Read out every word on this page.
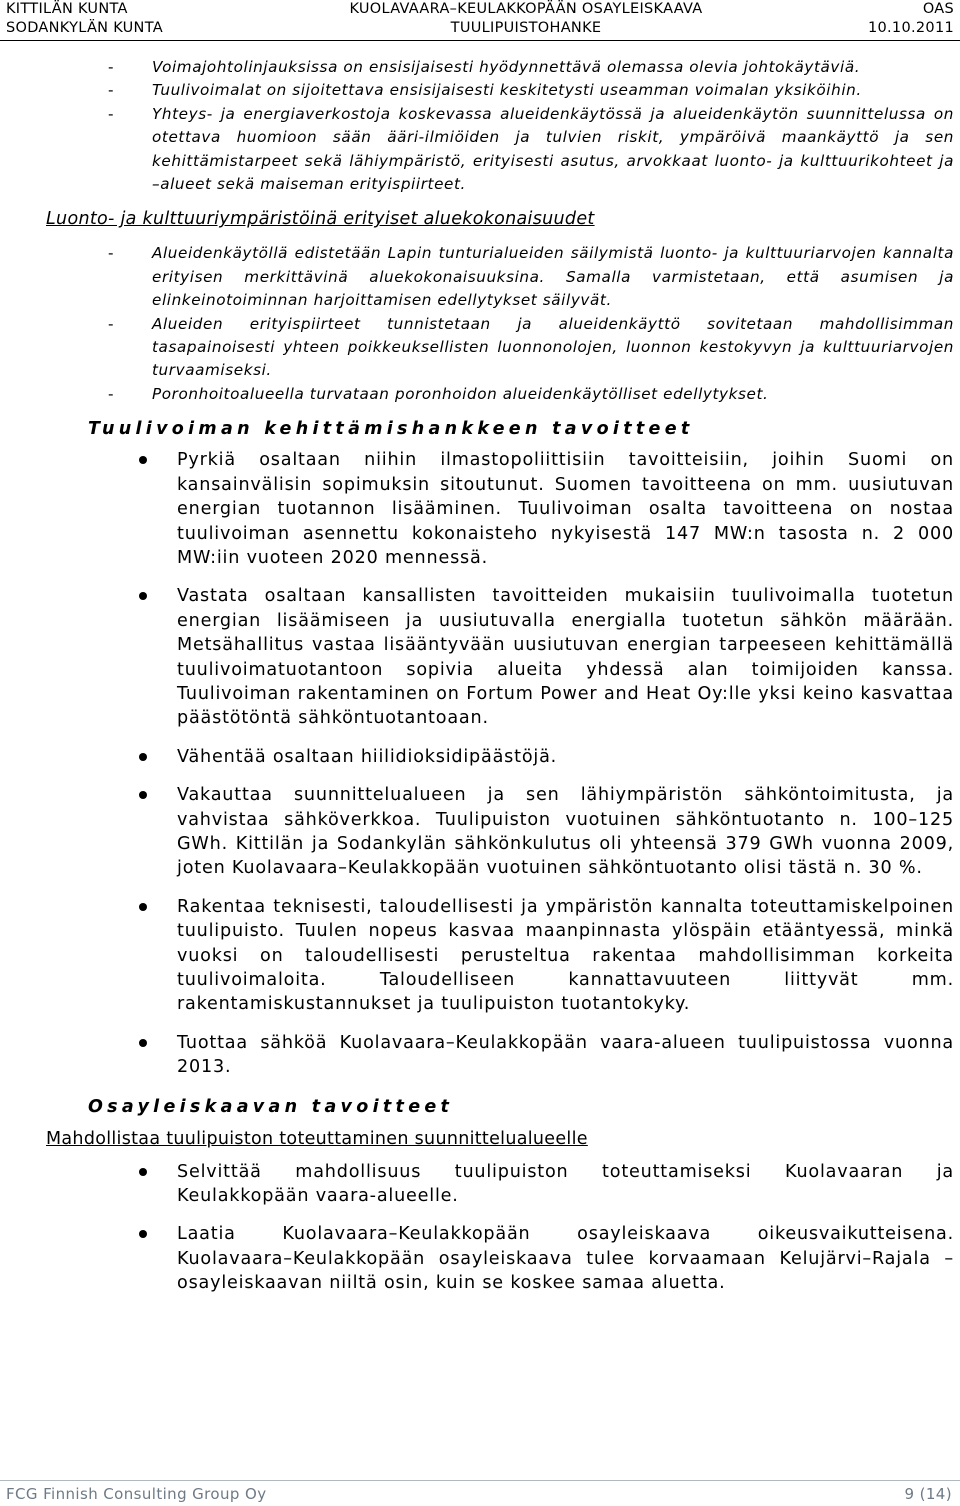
KITTILÄN KUNTA
SODANKYLÄN KUNTA
KUOLAVAARA–KEULAKKOPÄÄN OSAYLEISKAAVA
TUULIPUISTOHANKE
OAS
10.10.2011
- Voimajohtolinjauksissa on ensisijaisesti hyödynnettävä olemassa olevia johtokäytäviä.
- Tuulivoimalat on sijoitettava ensisijaisesti keskitetysti useamman voimalan yksiköihin.
- Yhteys- ja energiaverkostoja koskevassa alueidenkäytössä ja alueidenkäytön suunnittelussa on otettava huomioon sään ääri-ilmiöiden ja tulvien riskit, ympäröivä maankäyttö ja sen kehittämistarpeet sekä lähiympäristö, erityisesti asutus, arvokkaat luonto- ja kulttuurikohteet ja –alueet sekä maiseman erityispiirteet.
Luonto- ja kulttuuriympäristöinä erityiset aluekokonaisuudet
- Alueidenkäytöllä edistetään Lapin tunturialueiden säilymistä luonto- ja kulttuuriarvojen kannalta erityisen merkittävinä aluekokonaisuuksina. Samalla varmistetaan, että asumisen ja elinkeinotoiminnan harjoittamisen edellytykset säilyvät.
- Alueiden erityispiirteet tunnistetaan ja alueidenkäyttö sovitetaan mahdollisimman tasapainoisesti yhteen poikkeuksellisten luonnonolojen, luonnon kestokyvyn ja kulttuuriarvojen turvaamiseksi.
- Poronhoitoalueella turvataan poronhoidon alueidenkäytölliset edellytykset.
Tuulivoiman kehittämishankkeen tavoitteet
Pyrkiä osaltaan niihin ilmastopoliittisiin tavoitteisiin, joihin Suomi on kansainvälisin sopimuksin sitoutunut. Suomen tavoitteena on mm. uusiutuvan energian tuotannon lisääminen. Tuulivoiman osalta tavoitteena on nostaa tuulivoiman asennettu kokonaisteho nykyisestä 147 MW:n tasosta n. 2 000 MW:iin vuoteen 2020 mennessä.
Vastata osaltaan kansallisten tavoitteiden mukaisiin tuulivoimalla tuotetun energian lisäämiseen ja uusiutuvalla energialla tuotetun sähkön määrään. Metsähallitus vastaa lisääntyvään uusiutuvan energian tarpeeseen kehittämällä tuulivoimatuotantoon sopivia alueita yhdessä alan toimijoiden kanssa. Tuulivoiman rakentaminen on Fortum Power and Heat Oy:lle yksi keino kasvattaa päästötöntä sähköntuotantoaan.
Vähentää osaltaan hiilidioksidipäästöjä.
Vakauttaa suunnittelualueen ja sen lähiympäristön sähköntoimitusta, ja vahvistaa sähköverkkoa. Tuulipuiston vuotuinen sähköntuotanto n. 100–125 GWh. Kittilän ja Sodankylän sähkönkulutus oli yhteensä 379 GWh vuonna 2009, joten Kuolavaara–Keulakkopään vuotuinen sähköntuotanto olisi tästä n. 30 %.
Rakentaa teknisesti, taloudellisesti ja ympäristön kannalta toteuttamiskelpoinen tuulipuisto. Tuulen nopeus kasvaa maanpinnasta ylöspäin etääntyessä, minkä vuoksi on taloudellisesti perusteltua rakentaa mahdollisimman korkeita tuulivoimaloita. Taloudelliseen kannattavuuteen liittyvät mm. rakentamiskustannukset ja tuulipuiston tuotantokyky.
Tuottaa sähköä Kuolavaara–Keulakkopään vaara-alueen tuulipuistossa vuonna 2013.
Osayleiskaavan tavoitteet
Mahdollistaa tuulipuiston toteuttaminen suunnittelualueelle
Selvittää mahdollisuus tuulipuiston toteuttamiseksi Kuolavaaran ja Keulakkopään vaara-alueelle.
Laatia Kuolavaara–Keulakkopään osayleiskaava oikeusvaikutteisena. Kuolavaara–Keulakkopään osayleiskaava tulee korvaamaan Kelujärvi–Rajala –osayleiskaavan niiltä osin, kuin se koskee samaa aluetta.
FCG Finnish Consulting Group Oy	9 (14)
